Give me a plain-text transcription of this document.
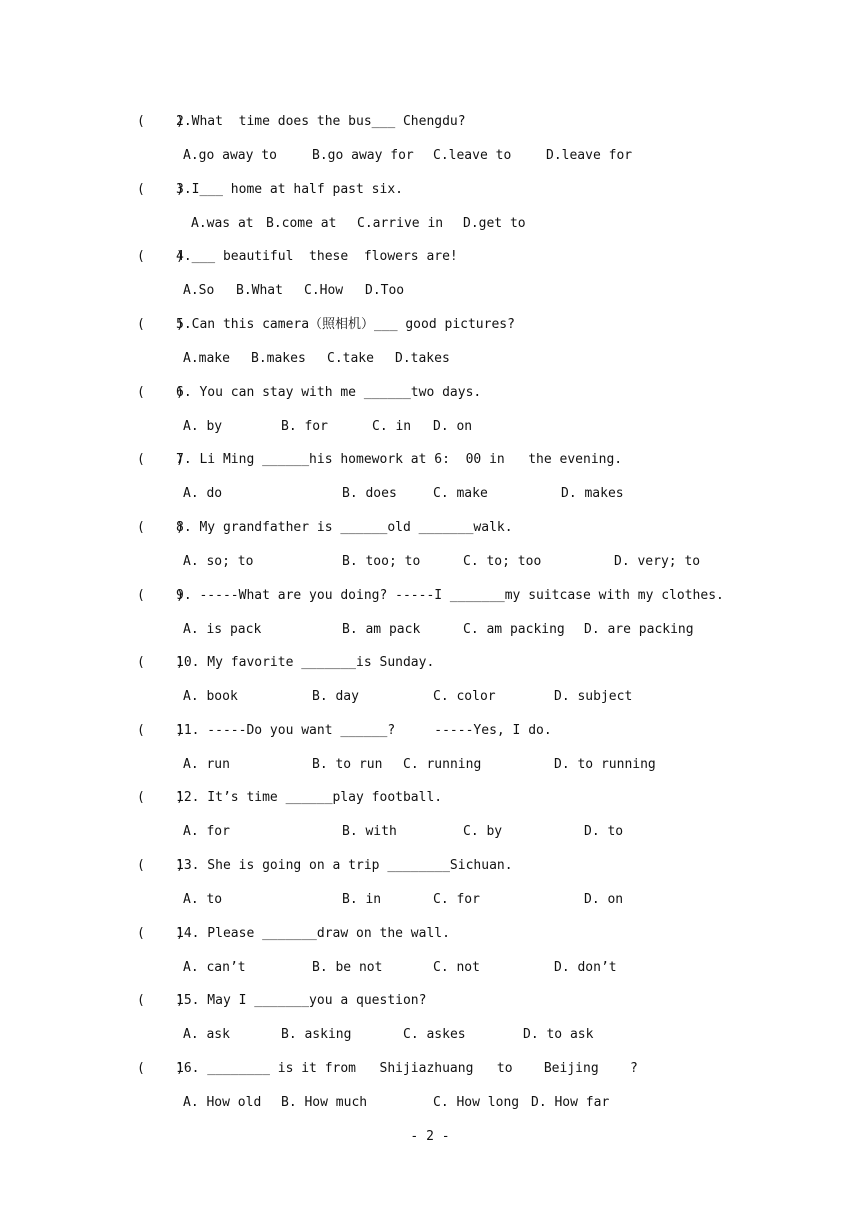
- 2 -
(    )
2.What  time does the bus___ Chengdu?
A.go away to	B.go away for C.leave to	D.leave for
(    )
3.I___ home at half past six.
A.was at B.come at C.arrive in D.get to
(    )
4.___ beautiful  these  flowers are!
A.So B.What C.How D.Too
(    )
5.Can this camera（照相机）___ good pictures?
A.make B.makes C.take D.takes
(    )
6. You can stay with me ______two days.
A. by	B. for	C. in D. on
(    )
7. Li Ming ______his homework at 6:  00 in   the evening.
A. do	B. does	C. make	D. makes
(    )
8. My grandfather is ______old _______walk.
A. so; to	B. too; to	C. to; too	D. very; to
(    )
9. -----What are you doing? -----I _______my suitcase with my clothes.
A. is pack	B. am pack	C. am packing D. are packing
(    )
10. My favorite _______is Sunday.
A. book	B. day	C. color	D. subject
(    )
11. -----Do you want ______?     -----Yes, I do.
A. run	B. to run C. running	D. to running
(    )
12. It’s time ______play football.
A. for	B. with	C. by	D. to
(    )
13. She is going on a trip ________Sichuan.
A. to	B. in	C. for	D. on
(    )
14. Please _______draw on the wall.
A. can’t	B. be not	C. not	D. don’t
(    )
15. May I _______you a question?
A. ask	B. asking	C. askes	D. to ask
(    )
16. ________ is it from   Shijiazhuang   to    Beijing    ?
A. How old B. How much	C. How long D. How far
